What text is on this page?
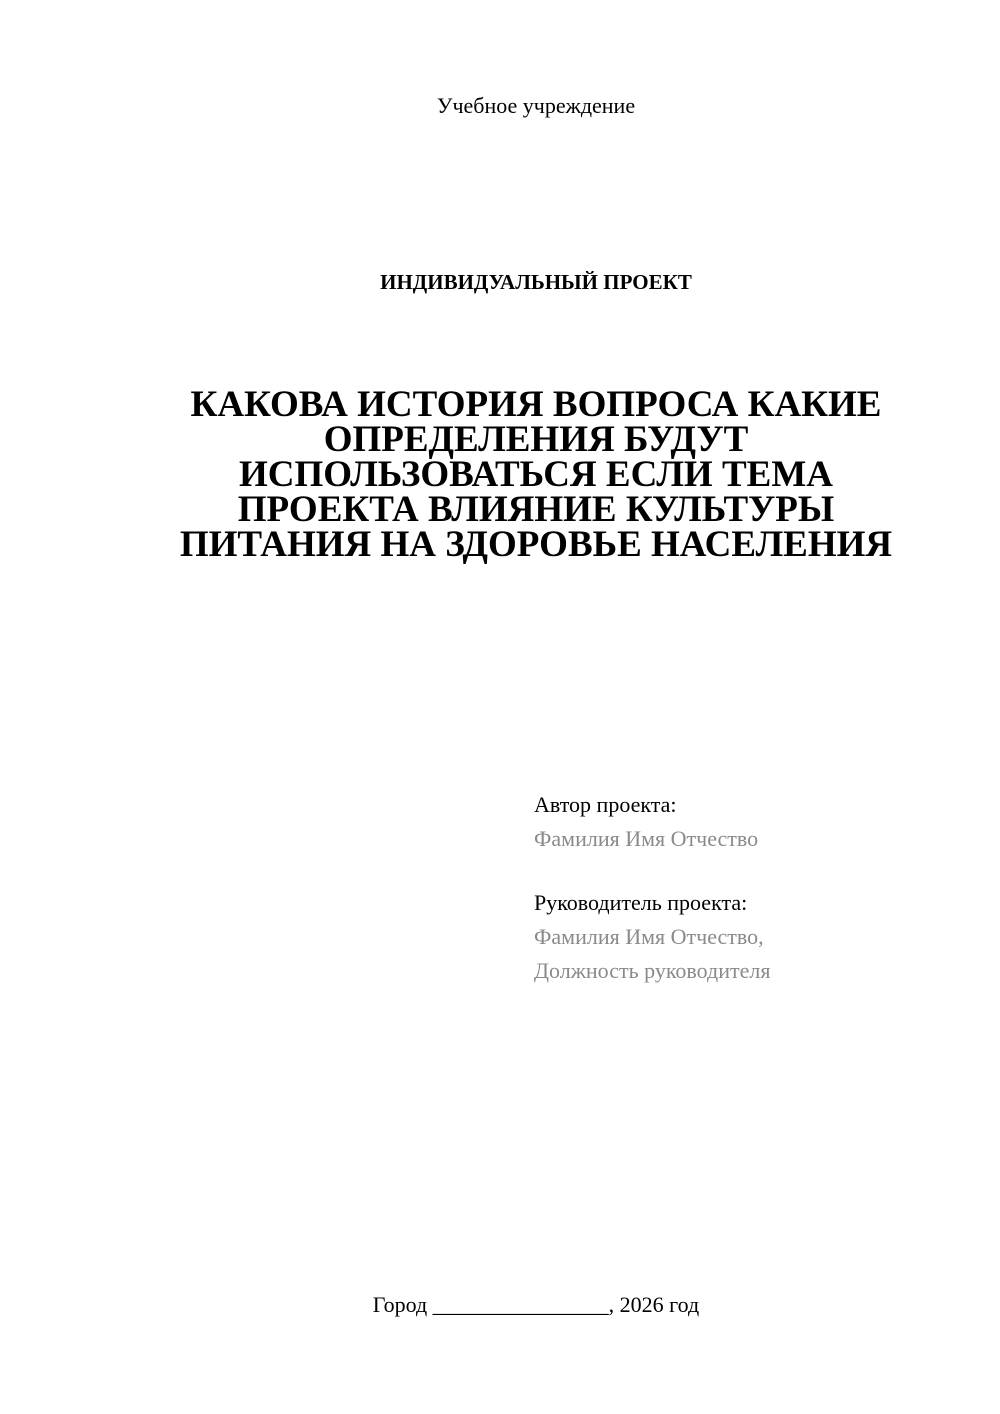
Учебное учреждение
ИНДИВИДУАЛЬНЫЙ ПРОЕКТ
КАКОВА ИСТОРИЯ ВОПРОСА КАКИЕ
ОПРЕДЕЛЕНИЯ БУДУТ
ИСПОЛЬЗОВАТЬСЯ ЕСЛИ ТЕМА
ПРОЕКТА ВЛИЯНИЕ КУЛЬТУРЫ
ПИТАНИЯ НА ЗДОРОВЬЕ НАСЕЛЕНИЯ
Автор проекта:
Фамилия Имя Отчество
Руководитель проекта:
Фамилия Имя Отчество,
Должность руководителя
Город ________________, 2026 год
